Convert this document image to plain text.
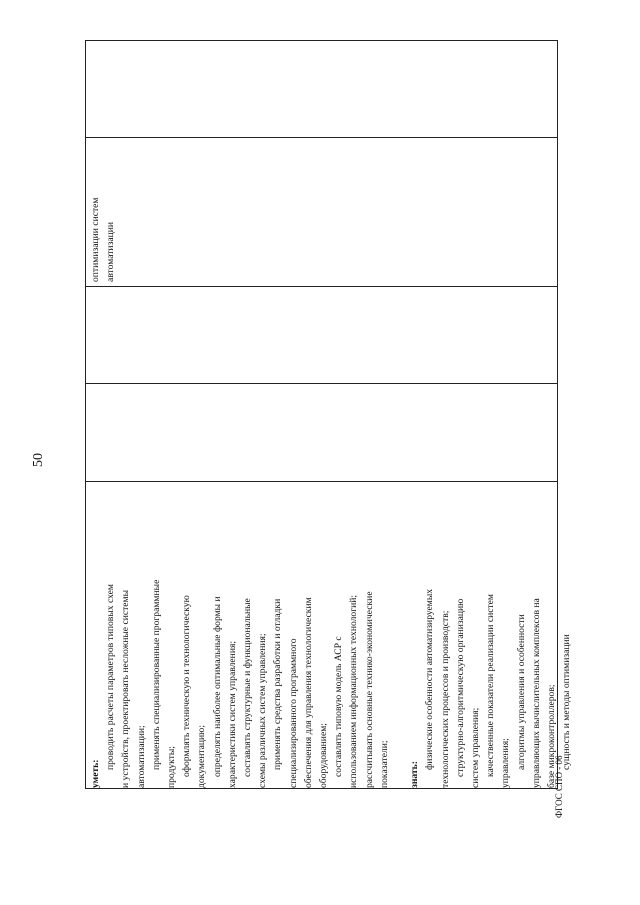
50

оптимизации систем автоматизации

уметь:

проводить расчеты параметров типовых схем и устройств, проектировать несложные системы автоматизации; применять специализированные программные продукты; оформлять техническую и технологическую документацию; определять наиболее оптимальные формы и характеристики систем управления; составлять структурные и функциональные схемы различных систем управления; применять средства разработки и отладки специализированного программного обеспечения для управления технологическим оборудованием; составлять типовую модель АСР с использованием информационных технологий; рассчитывать основные технико-экономические показатели; знать:

физические особенности автоматизируемых технологических процессов и производств; структурно-алгоритмическую организацию систем управления; качественные показатели реализации систем управления; алгоритмы управления и особенности управляющих вычислительных комплексов на базе микроконтроллеров; сущность и методы оптимизации

ФГОС СПО - 06
